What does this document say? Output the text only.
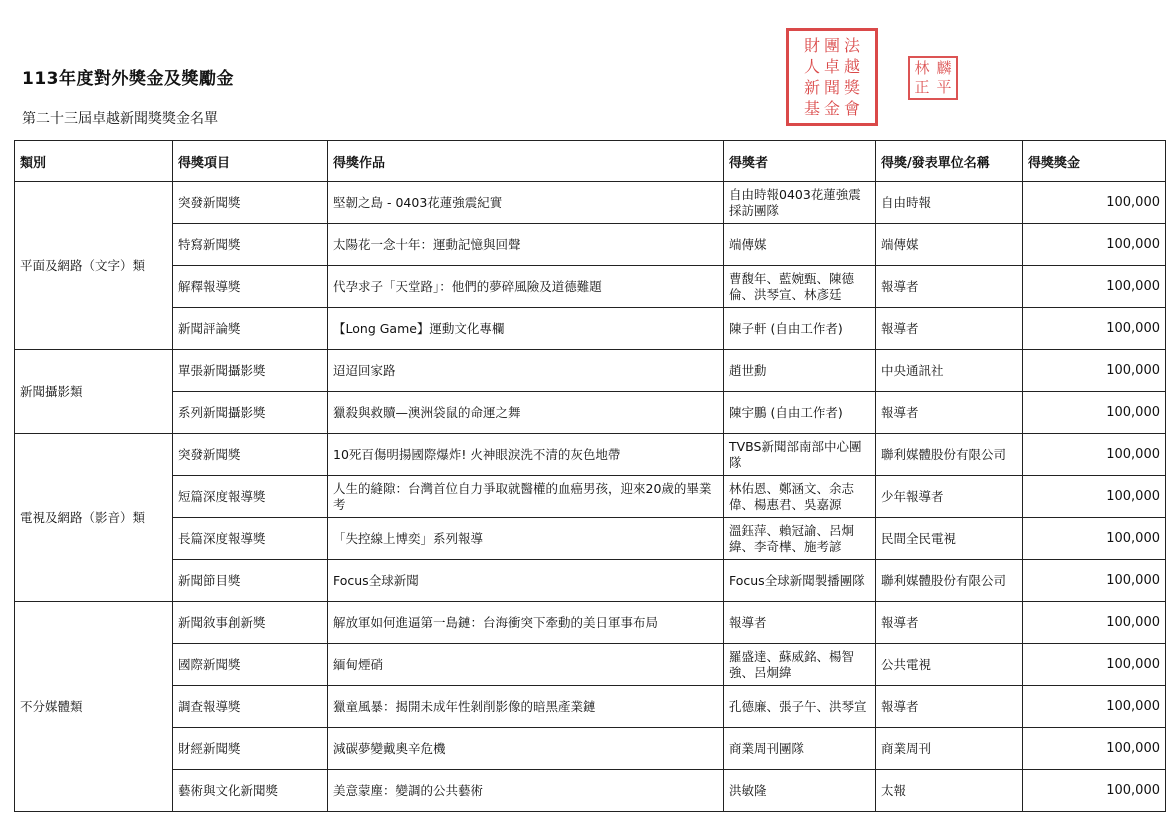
113年度對外獎金及獎勵金
第二十三屆卓越新聞獎獎金名單
財 團 法
人 卓 越
新 聞 獎
基 金 會
林 麟
正 平
類別	得獎項目	得獎作品	得獎者	得獎/發表單位名稱	得獎獎金
平面及網路（文字）類	突發新聞獎	堅韌之島 - 0403花蓮強震紀實	自由時報0403花蓮強震採訪團隊	自由時報	100,000
	特寫新聞獎	太陽花一念十年：運動記憶與回聲	端傳媒	端傳媒	100,000
	解釋報導獎	代孕求子「天堂路」：他們的夢碎風險及道德難題	曹馥年、藍婉甄、陳德倫、洪琴宣、林彥廷	報導者	100,000
	新聞評論獎	【Long Game】運動文化專欄	陳子軒 (自由工作者)	報導者	100,000
新聞攝影類	單張新聞攝影獎	迢迢回家路	趙世勳	中央通訊社	100,000
	系列新聞攝影獎	獵殺與救贖—澳洲袋鼠的命運之舞	陳宇鵬 (自由工作者)	報導者	100,000
電視及網路（影音）類	突發新聞獎	10死百傷明揚國際爆炸! 火神眼淚洗不清的灰色地帶	TVBS新聞部南部中心團隊	聯利媒體股份有限公司	100,000
	短篇深度報導獎	人生的縫隙：台灣首位自力爭取就醫權的血癌男孩，迎來20歲的畢業考	林佑恩、鄭涵文、余志偉、楊惠君、吳嘉源	少年報導者	100,000
	長篇深度報導獎	「失控線上博奕」系列報導	溫鈺萍、賴冠諭、呂炯緯、李奇樺、施考諺	民間全民電視	100,000
	新聞節目獎	Focus全球新聞	Focus全球新聞製播團隊	聯利媒體股份有限公司	100,000
不分媒體類	新聞敘事創新獎	解放軍如何進逼第一島鏈：台海衝突下牽動的美日軍事布局	報導者	報導者	100,000
	國際新聞獎	緬甸煙硝	羅盛達、蘇威銘、楊智強、呂炯緯	公共電視	100,000
	調查報導獎	獵童風暴：揭開未成年性剝削影像的暗黑產業鏈	孔德廉、張子午、洪琴宣	報導者	100,000
	財經新聞獎	減碳夢變戴奧辛危機	商業周刊團隊	商業周刊	100,000
	藝術與文化新聞獎	美意蒙塵：變調的公共藝術	洪敏隆	太報	100,000
